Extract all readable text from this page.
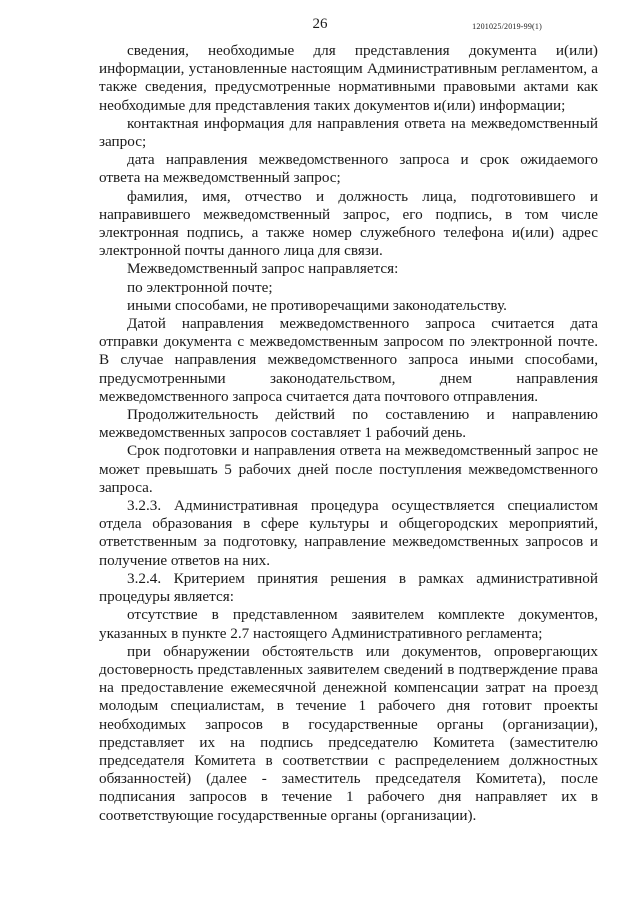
26	1201025/2019-99(1)

сведения, необходимые для представления документа и(или) информации, установленные настоящим Административным регламентом, а также сведения, предусмотренные нормативными правовыми актами как необходимые для представления таких документов и(или) информации;

контактная информация для направления ответа на межведомственный запрос;

дата направления межведомственного запроса и срок ожидаемого ответа на межведомственный запрос;

фамилия, имя, отчество и должность лица, подготовившего и направившего межведомственный запрос, его подпись, в том числе электронная подпись, а также номер служебного телефона и(или) адрес электронной почты данного лица для связи.

Межведомственный запрос направляется:

по электронной почте;

иными способами, не противоречащими законодательству.

Датой направления межведомственного запроса считается дата отправки документа с межведомственным запросом по электронной почте. В случае направления межведомственного запроса иными способами, предусмотренными законодательством, днем направления межведомственного запроса считается дата почтового отправления.

Продолжительность действий по составлению и направлению межведомственных запросов составляет 1 рабочий день.

Срок подготовки и направления ответа на межведомственный запрос не может превышать 5 рабочих дней после поступления межведомственного запроса.

3.2.3. Административная процедура осуществляется специалистом отдела образования в сфере культуры и общегородских мероприятий, ответственным за подготовку, направление межведомственных запросов и получение ответов на них.

3.2.4. Критерием принятия решения в рамках административной процедуры является:

отсутствие в представленном заявителем комплекте документов, указанных в пункте 2.7 настоящего Административного регламента;

при обнаружении обстоятельств или документов, опровергающих достоверность представленных заявителем сведений в подтверждение права на предоставление ежемесячной денежной компенсации затрат на проезд молодым специалистам, в течение 1 рабочего дня готовит проекты необходимых запросов в государственные органы (организации), представляет их на подпись председателю Комитета (заместителю председателя Комитета в соответствии с распределением должностных обязанностей) (далее - заместитель председателя Комитета), после подписания запросов в течение 1 рабочего дня направляет их в соответствующие государственные органы (организации).
